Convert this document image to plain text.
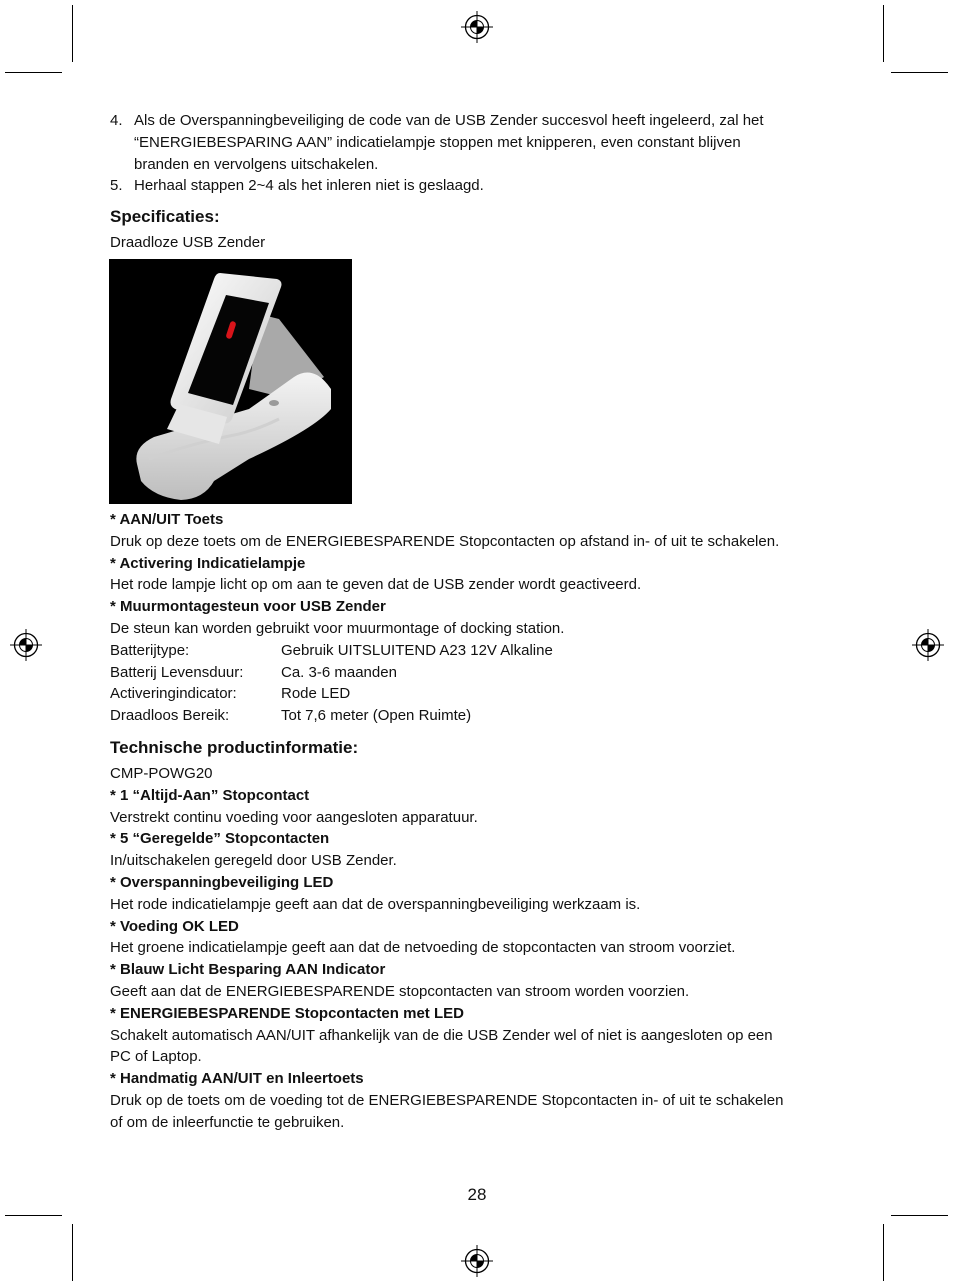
4. Als de Overspanningbeveiliging de code van de USB Zender succesvol heeft ingeleerd, zal het
“ENERGIEBESPARING AAN” indicatielampje stoppen met knipperen, even constant blijven
branden en vervolgens uitschakelen.
5. Herhaal stappen 2~4 als het inleren niet is geslaagd.
Specificaties:
Draadloze USB Zender
* AAN/UIT Toets
Druk op deze toets om de ENERGIEBESPARENDE Stopcontacten op afstand in- of uit te schakelen.
* Activering Indicatielampje
Het rode lampje licht op om aan te geven dat de USB zender wordt geactiveerd.
* Muurmontagesteun voor USB Zender
De steun kan worden gebruikt voor muurmontage of docking station.
Batterijtype:	Gebruik UITSLUITEND A23 12V Alkaline
Batterij Levensduur:	Ca. 3-6 maanden
Activeringindicator:	Rode LED
Draadloos Bereik:	Tot 7,6 meter (Open Ruimte)
Technische productinformatie:
CMP-POWG20
* 1 “Altijd-Aan” Stopcontact
Verstrekt continu voeding voor aangesloten apparatuur.
* 5 “Geregelde” Stopcontacten
In/uitschakelen geregeld door USB Zender.
* Overspanningbeveiliging LED
Het rode indicatielampje geeft aan dat de overspanningbeveiliging werkzaam is.
* Voeding OK LED
Het groene indicatielampje geeft aan dat de netvoeding de stopcontacten van stroom voorziet.
* Blauw Licht Besparing AAN Indicator
Geeft aan dat de ENERGIEBESPARENDE stopcontacten van stroom worden voorzien.
* ENERGIEBESPARENDE Stopcontacten met LED
Schakelt automatisch AAN/UIT afhankelijk van de die USB Zender wel of niet is aangesloten op een
PC of Laptop.
* Handmatig AAN/UIT en Inleertoets
Druk op de toets om de voeding tot de ENERGIEBESPARENDE Stopcontacten in- of uit te schakelen
of om de inleerfunctie te gebruiken.
28
